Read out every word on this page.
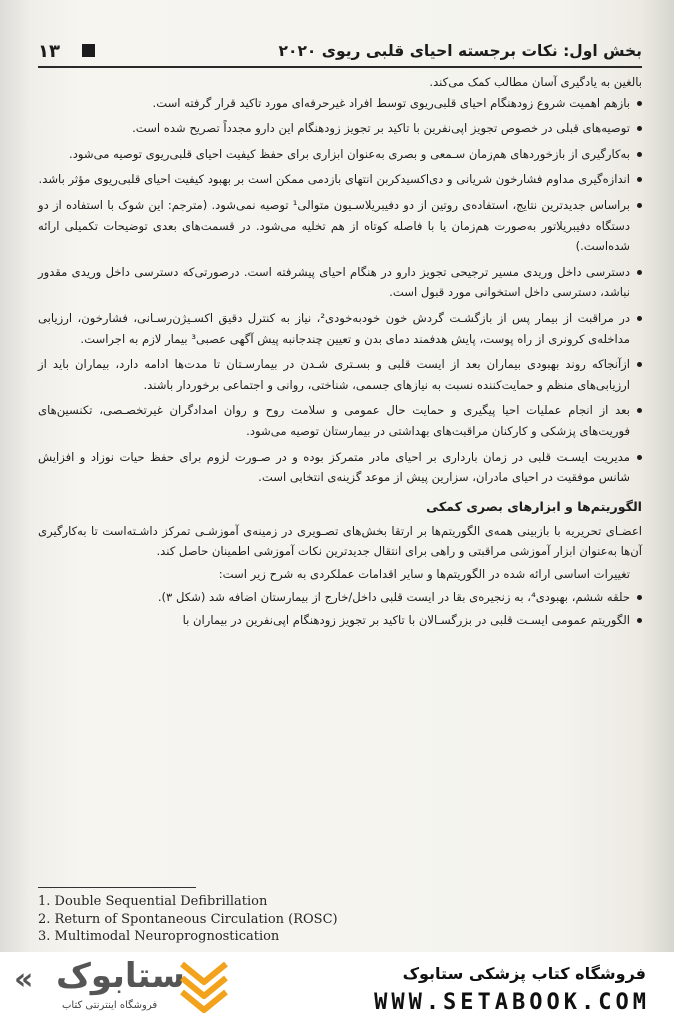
بخش اول: نکات برجسته احیای قلبی ریوی ۲۰۲۰
۱۳

بالغین به یادگیری آسان مطالب کمک می‌کند.

بازهم اهمیت شروع زودهنگام احیای قلبی‌ریوی توسط افراد غیرحرفه‌ای مورد تاکید قرار گرفته است.
توصیه‌های قبلی در خصوص تجویز اپی‌نفرین با تاکید بر تجویز زودهنگام این دارو مجدداً تصریح شده است.
به‌کارگیری از بازخوردهای هم‌زمان سـمعی و بصری به‌عنوان ابزاری برای حفظ کیفیت احیای قلبی‌ریوی توصیه می‌شود.
اندازه‌گیری مداوم فشارخون شریانی و دی‌اکسیدکربن انتهای بازدمی ممکن است بر بهبود کیفیت احیای قلبی‌ریوی مؤثر باشد.
براساس جدیدترین نتایج، استفاده‌ی روتین از دو دفیبریلاسـیون متوالی¹ توصیه نمی‌شود. (مترجم: این شوک با استفاده از دو دستگاه دفیبریلاتور به‌صورت هم‌زمان یا با فاصله کوتاه از هم تخلیه می‌شود. در قسمت‌های بعدی توضیحات تکمیلی ارائه شده‌است.)
دسترسی داخل وریدی مسیر ترجیحی تجویز دارو در هنگام احیای پیشرفته است. درصورتی‌که دسترسی داخل وریدی مقدور نباشد، دسترسی داخل استخوانی مورد قبول است.
در مراقبت از بیمار پس از بازگشـت گردش خون خودبه‌خودی²، نیاز به کنترل دقیق اکسـیژن‌رسـانی، فشارخون، ارزیابی مداخله‌ی کرونری از راه پوست، پایش هدفمند دمای بدن و تعیین چندجانبه پیش آگهی عصبی³ بیمار لازم به اجراست.
ازآنجاکه روند بهبودی بیماران بعد از ایست قلبی و بسـتری شـدن در بیمارسـتان تا مدت‌ها ادامه دارد، بیماران باید از ارزیابی‌های منظم و حمایت‌کننده نسبت به نیازهای جسمی، شناختی، روانی و اجتماعی برخوردار باشند.
بعد از انجام عملیات احیا پیگیری و حمایت حال عمومی و سلامت روح و روان امدادگران غیرتخصـصی، تکنسین‌های فوریت‌های پزشکی و کارکنان مراقبت‌های بهداشتی در بیمارستان توصیه می‌شود.
مدیریت ایسـت قلبی در زمان بارداری بر احیای مادر متمرکز بوده و در صـورت لزوم برای حفظ حیات نوزاد و افزایش شانس موفقیت در احیای مادران، سزارین پیش از موعد گزینه‌ی انتخابی است.
الگوریتم‌ها و ابزارهای بصری کمکی

اعضـای تحریریه با بازبینی همه‌ی الگوریتم‌ها بر ارتقا بخش‌های تصـویری در زمینه‌ی آموزشـی تمرکز داشـته‌است تا به‌کارگیری آن‌ها به‌عنوان ابزار آموزشی مراقبتی و راهی برای انتقال جدیدترین نکات آموزشی اطمینان حاصل کند.

تغییرات اساسی ارائه شده در الگوریتم‌ها و سایر اقدامات عملکردی به شرح زیر است:

حلقه ششم، بهبودی⁴، به زنجیره‌ی بقا در ایست قلبی داخل/خارج از بیمارستان اضافه شد (شکل ۳).
الگوریتم عمومی ایسـت قلبی در بزرگسـالان با تاکید بر تجویز زودهنگام اپی‌نفرین در بیماران با
1. Double Sequential Defibrillation
2. Return of Spontaneous Circulation (ROSC)
3. Multimodal Neuroprognostication
« ستابوک
فروشگاه اینترنتی کتاب
فروشگاه کتاب پزشکی ستابوک
WWW.SETABOOK.COM
